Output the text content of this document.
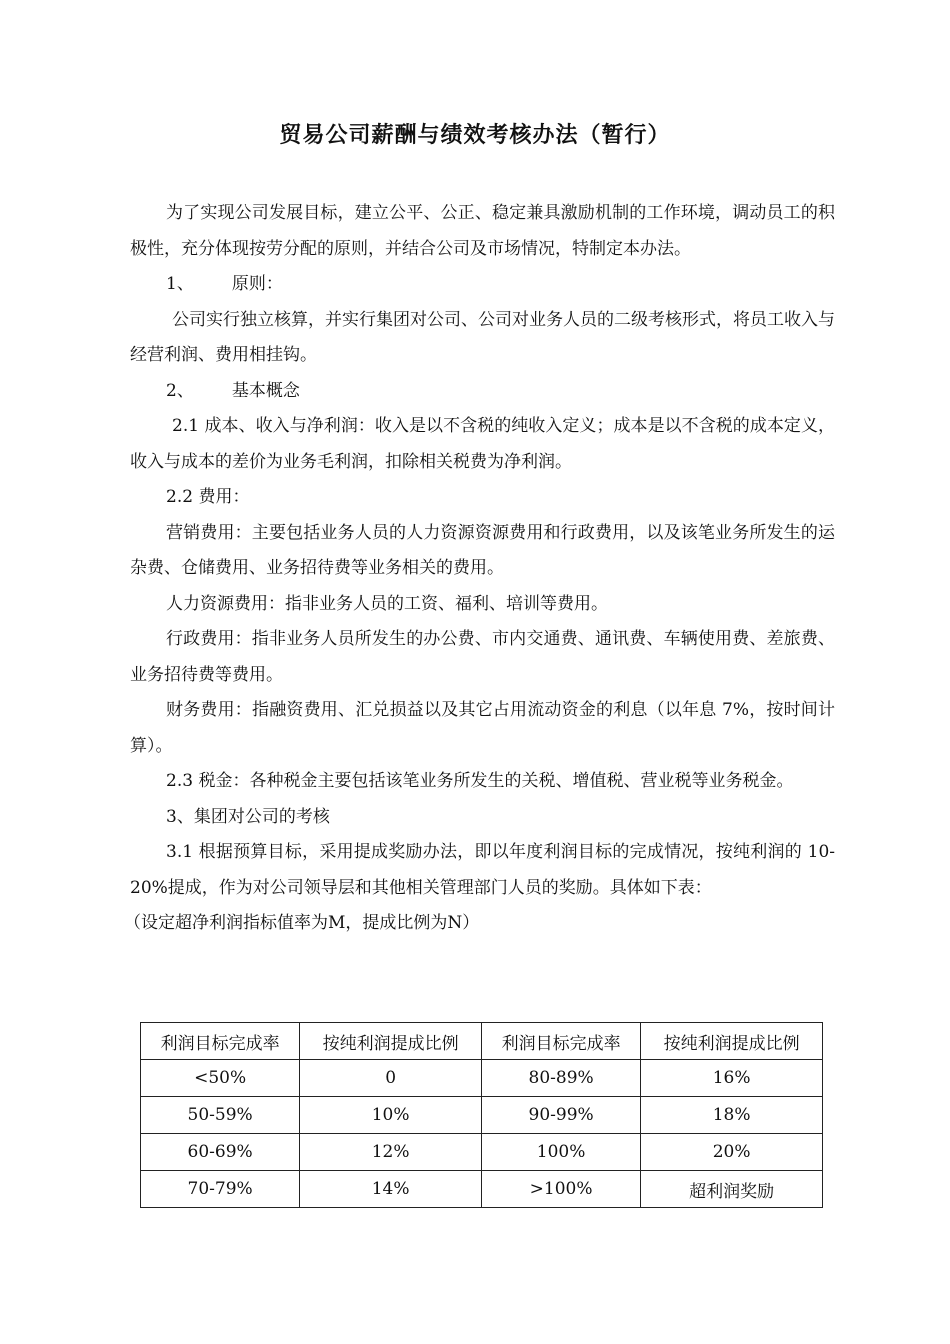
贸易公司薪酬与绩效考核办法（暂行）

为了实现公司发展目标，建立公平、公正、稳定兼具激励机制的工作环境，调动员工的积极性，充分体现按劳分配的原则，并结合公司及市场情况，特制定本办法。

1、 原则：

公司实行独立核算，并实行集团对公司、公司对业务人员的二级考核形式，将员工收入与经营利润、费用相挂钩。

2、 基本概念

2.1 成本、收入与净利润：收入是以不含税的纯收入定义；成本是以不含税的成本定义，收入与成本的差价为业务毛利润，扣除相关税费为净利润。

2.2 费用：

营销费用：主要包括业务人员的人力资源资源费用和行政费用，以及该笔业务所发生的运杂费、仓储费用、业务招待费等业务相关的费用。

人力资源费用：指非业务人员的工资、福利、培训等费用。

行政费用：指非业务人员所发生的办公费、市内交通费、通讯费、车辆使用费、差旅费、业务招待费等费用。

财务费用：指融资费用、汇兑损益以及其它占用流动资金的利息（以年息 7%，按时间计算）。

2.3 税金：各种税金主要包括该笔业务所发生的关税、增值税、营业税等业务税金。

3、集团对公司的考核

3.1 根据预算目标，采用提成奖励办法，即以年度利润目标的完成情况，按纯利润的 10-20%提成，作为对公司领导层和其他相关管理部门人员的奖励。具体如下表：

（设定超净利润指标值率为M，提成比例为N）

利润目标完成率	按纯利润提成比例	利润目标完成率	按纯利润提成比例
<50%	0	80-89%	16%
50-59%	10%	90-99%	18%
60-69%	12%	100%	20%
70-79%	14%	>100%	超利润奖励
